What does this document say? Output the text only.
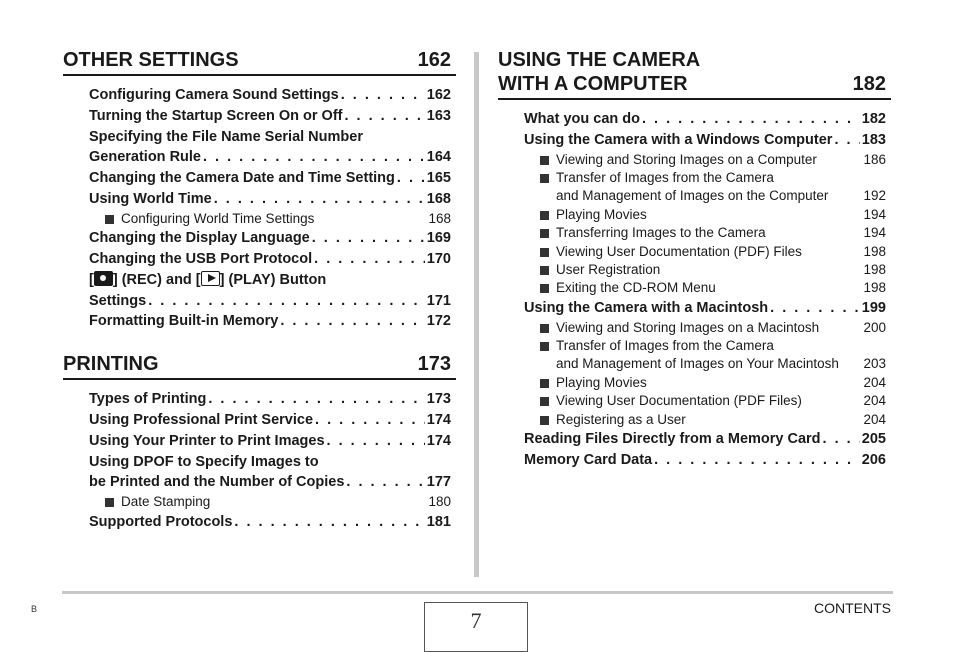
OTHER SETTINGS	162
Configuring Camera Sound Settings . . .	162
Turning the Startup Screen On or Off . . .	163
Specifying the File Name Serial Number
Generation Rule . . .	164
Changing the Camera Date and Time Setting . . . 165
Using World Time . . .	168
Configuring World Time Settings	168
Changing the Display Language . . .	169
Changing the USB Port Protocol . . .	170
[ ] (REC) and [ ] (PLAY) Button
Settings . . .	171
Formatting Built-in Memory . . .	172
PRINTING	173
Types of Printing . . .	173
Using Professional Print Service . . .	174
Using Your Printer to Print Images . . .	174
Using DPOF to Specify Images to
be Printed and the Number of Copies . . .	177
Date Stamping	180
Supported Protocols . . .	181
USING THE CAMERA
WITH A COMPUTER	182
What you can do . . .	182
Using the Camera with a Windows Computer . . . 183
Viewing and Storing Images on a Computer	186
Transfer of Images from the Camera
and Management of Images on the Computer	192
Playing Movies	194
Transferring Images to the Camera	194
Viewing User Documentation (PDF) Files	198
User Registration	198
Exiting the CD-ROM Menu	198
Using the Camera with a Macintosh . . .	199
Viewing and Storing Images on a Macintosh	200
Transfer of Images from the Camera
and Management of Images on Your Macintosh 203
Playing Movies	204
Viewing User Documentation (PDF Files)	204
Registering as a User	204
Reading Files Directly from a Memory Card . . .	205
Memory Card Data . . .	206
B	7	CONTENTS
